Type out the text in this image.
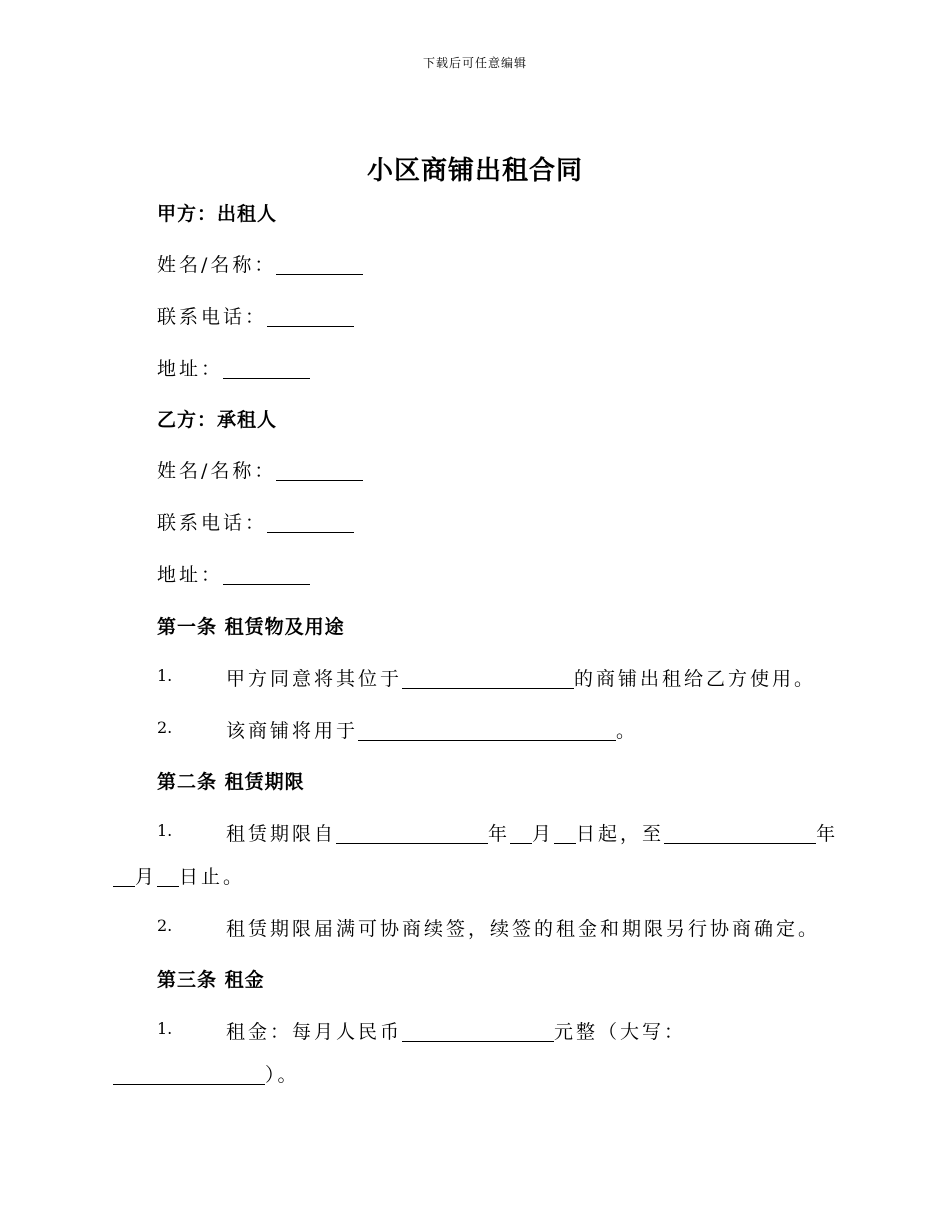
下载后可任意编辑
小区商铺出租合同
甲方：出租人
姓名/名称：
联系电话：
地址：
乙方：承租人
姓名/名称：
联系电话：
地址：
第一条 租赁物及用途
1.	甲方同意将其位于	的商铺出租给乙方使用。
2.	该商铺将用于	。
第二条 租赁期限
1.	租赁期限自	年 月 日起，至	年
月 日止。
2.	租赁期限届满可协商续签，续签的租金和期限另行协商确定。
第三条 租金
1.	租金：每月人民币	元整（大写：
）。
